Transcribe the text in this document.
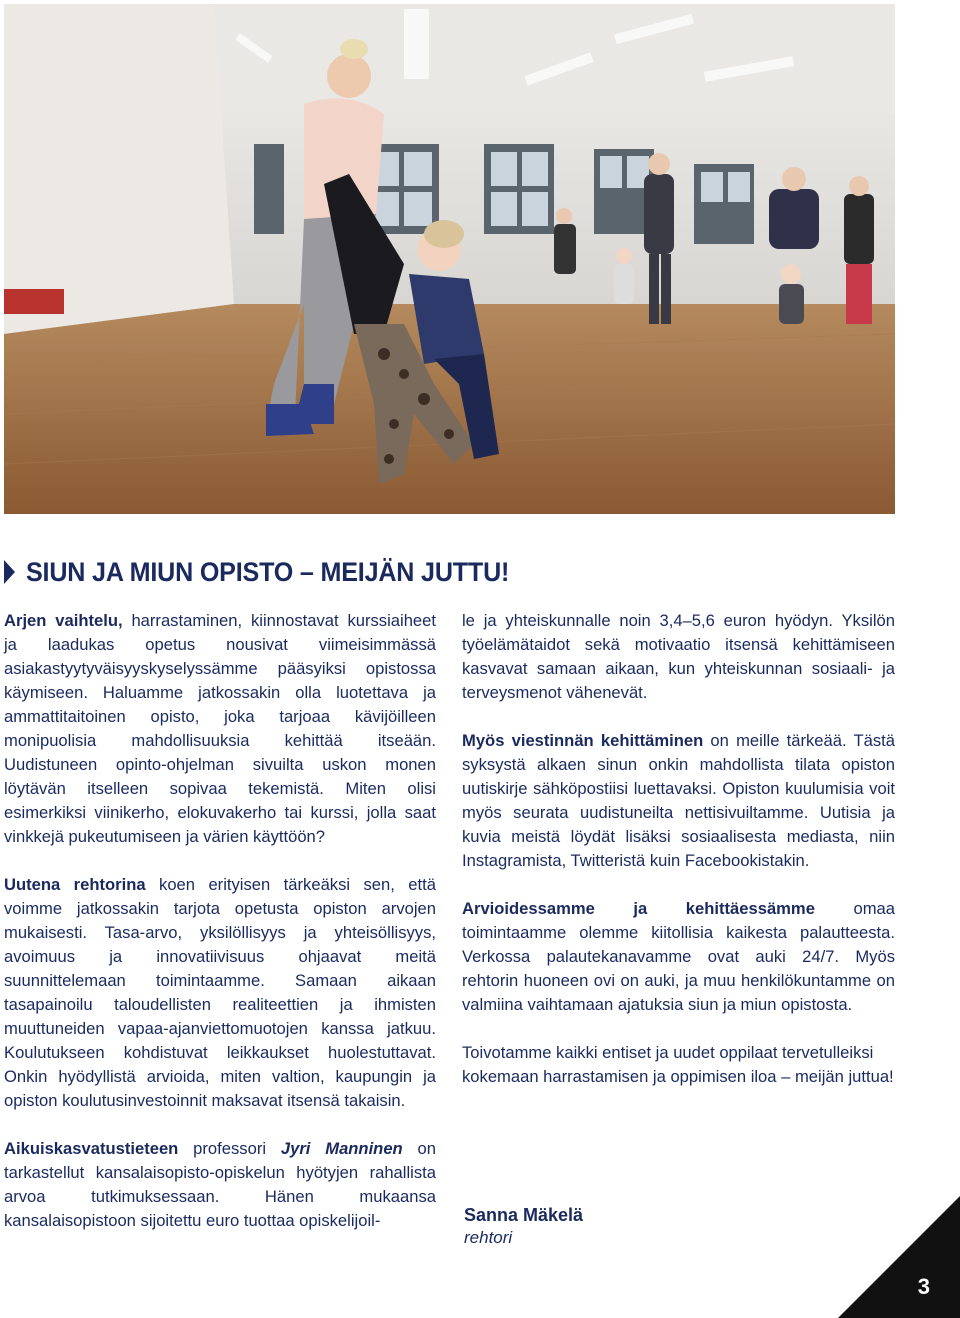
SIUN JA MIUN OPISTO – MEIJÄN JUTTU!

Arjen vaihtelu, harrastaminen, kiinnostavat kurssiaiheet ja laadukas opetus nousivat viimeisimmässä asiakastyytyväisyyskyselyssämme pääsyiksi opistossa käymiseen. Haluamme jatkossakin olla luotettava ja ammattitaitoinen opisto, joka tarjoaa kävijöilleen monipuolisia mahdollisuuksia kehittää itseään. Uudistuneen opinto-ohjelman sivuilta uskon monen löytävän itselleen sopivaa tekemistä. Miten olisi esimerkiksi viinikerho, elokuvakerho tai kurssi, jolla saat vinkkejä pukeutumiseen ja värien käyttöön?

Uutena rehtorina koen erityisen tärkeäksi sen, että voimme jatkossakin tarjota opetusta opiston arvojen mukaisesti. Tasa-arvo, yksilöllisyys ja yhteisöllisyys, avoimuus ja innovatiivisuus ohjaavat meitä suunnittelemaan toimintaamme. Samaan aikaan tasapainoilu taloudellisten realiteettien ja ihmisten muuttuneiden vapaa-ajanviettomuotojen kanssa jatkuu. Koulutukseen kohdistuvat leikkaukset huolestuttavat. Onkin hyödyllistä arvioida, miten valtion, kaupungin ja opiston koulutusinvestoinnit maksavat itsensä takaisin.

Aikuiskasvatustieteen professori Jyri Manninen on tarkastellut kansalaisopisto-opiskelun hyötyjen rahallista arvoa tutkimuksessaan. Hänen mukaansa kansalaisopistoon sijoitettu euro tuottaa opiskelijoil-

le ja yhteiskunnalle noin 3,4–5,6 euron hyödyn. Yksilön työelämätaidot sekä motivaatio itsensä kehittämiseen kasvavat samaan aikaan, kun yhteiskunnan sosiaali- ja terveysmenot vähenevät.

Myös viestinnän kehittäminen on meille tärkeää. Tästä syksystä alkaen sinun onkin mahdollista tilata opiston uutiskirje sähköpostiisi luettavaksi. Opiston kuulumisia voit myös seurata uudistuneilta nettisivuiltamme. Uutisia ja kuvia meistä löydät lisäksi sosiaalisesta mediasta, niin Instagramista, Twitteristä kuin Facebookistakin.

Arvioidessamme ja kehittäessämme omaa toimintaamme olemme kiitollisia kaikesta palautteesta. Verkossa palautekanavamme ovat auki 24/7. Myös rehtorin huoneen ovi on auki, ja muu henkilökuntamme on valmiina vaihtamaan ajatuksia siun ja miun opistosta.

Toivotamme kaikki entiset ja uudet oppilaat tervetulleiksi kokemaan harrastamisen ja oppimisen iloa – meijän juttua!

Sanna Mäkelä
rehtori
3
